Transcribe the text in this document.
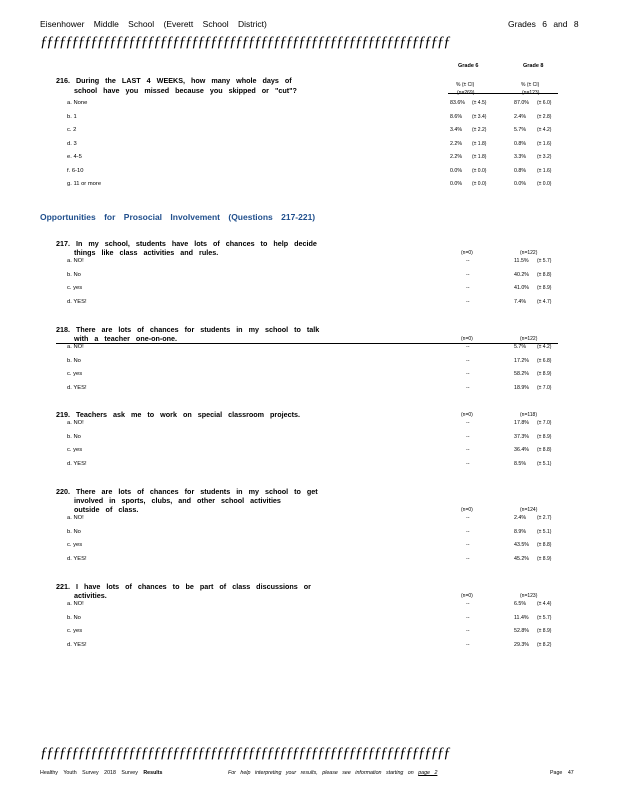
Eisenhower Middle School (Everett School District)	Grades 6 and 8
ƒƒƒƒƒƒƒƒƒƒƒƒƒƒƒƒƒƒƒƒƒƒƒƒƒƒƒƒƒƒƒƒƒƒƒƒƒƒƒƒƒƒƒƒƒƒƒƒƒƒƒƒƒƒƒƒƒƒƒƒƒƒƒƒƒ
Grade 6	Grade 8
% (± CI)	% (± CI)
216. During the LAST 4 WEEKS, how many whole days of
school have you missed because you skipped or "cut"?
a. None	83.6% (± 4.5)	87.0% (± 6.0)
b. 1	8.6% (± 3.4)	2.4% (± 2.8)
c. 2	3.4% (± 2.2)	5.7% (± 4.2)
d. 3	2.2% (± 1.8)	0.8% (± 1.6)
e. 4-5	2.2% (± 1.8)	3.3% (± 3.2)
f. 6-10	0.0% (± 0.0)	0.8% (± 1.6)
g. 11 or more	0.0% (± 0.0)	0.0% (± 0.0)
Opportunities for Prosocial Involvement (Questions 217-221)
217. In my school, students have lots of chances to help decide
things like class activities and rules.	(n=0)	(n=122)
a. NO!	--	11.5% (± 5.7)
b. No	--	40.2% (± 8.8)
c. yes	--	41.0% (± 8.9)
d. YES!	--	7.4% (± 4.7)
218. There are lots of chances for students in my school to talk
with a teacher one-on-one.	(n=0)	(n=122)
a. NO!	--	5.7% (± 4.2)
b. No	--	17.2% (± 6.8)
c. yes	--	58.2% (± 8.9)
d. YES!	--	18.9% (± 7.0)
219. Teachers ask me to work on special classroom projects.	(n=0)	(n=118)
a. NO!	--	17.8% (± 7.0)
b. No	--	37.3% (± 8.9)
c. yes	--	36.4% (± 8.8)
d. YES!	--	8.5% (± 5.1)
220. There are lots of chances for students in my school to get
involved in sports, clubs, and other school activities
outside of class.	(n=0)	(n=124)
a. NO!	--	2.4% (± 2.7)
b. No	--	8.9% (± 5.1)
c. yes	--	43.5% (± 8.8)
d. YES!	--	45.2% (± 8.9)
221. I have lots of chances to be part of class discussions or
activities.	(n=0)	(n=123)
a. NO!	--	6.5% (± 4.4)
b. No	--	11.4% (± 5.7)
c. yes	--	52.8% (± 8.9)
d. YES!	--	29.3% (± 8.2)
ƒƒƒƒƒƒƒƒƒƒƒƒƒƒƒƒƒƒƒƒƒƒƒƒƒƒƒƒƒƒƒƒƒƒƒƒƒƒƒƒƒƒƒƒƒƒƒƒƒƒƒƒƒƒƒƒƒƒƒƒƒƒƒƒƒ
Healthy Youth Survey 2018 Survey Results	For help interpreting your results, please see information starting on page 2	Page 47
